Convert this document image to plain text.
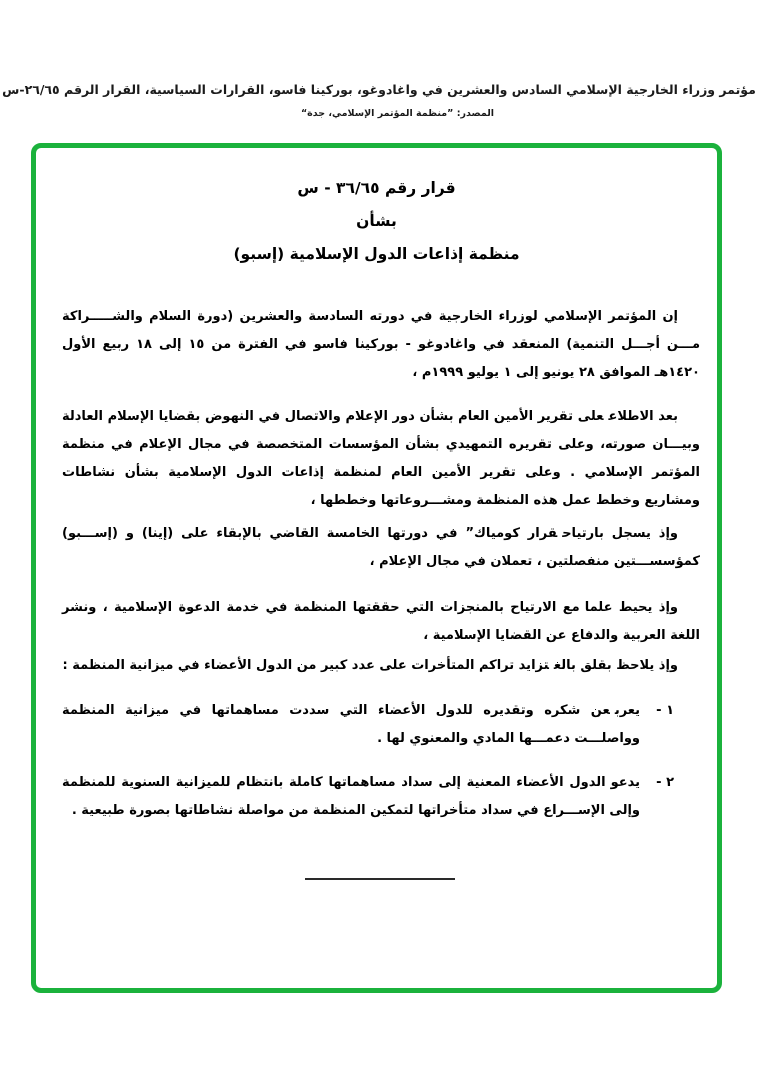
مؤتمر وزراء الخارجية الإسلامي السادس والعشرين في واغادوغو، بوركينا فاسو، القرارات السياسية، القرار الرقم ٢٦/٦٥-س
المصدر: ”منظمة المؤتمر الإسلامي، جدة“
قرار رقم ٣٦/٦٥ - س
بشأن
منظمة إذاعات الدول الإسلامية (إسبو)
إن المؤتمر الإسلامي لوزراء الخارجية في دورته السادسة والعشرين (دورة السلام والشـــــراكة مـــن أجـــل التنمية) المنعقد في واغادوغو - بوركينا فاسو في الفترة من ١٥ إلى ١٨ ربيع الأول ١٤٢٠هـ الموافق ٢٨ يونيو إلى ١ يوليو ١٩٩٩م ،
بعد الاطلاععلى تقرير الأمين العام بشأن دور الإعلام والاتصال في النهوض بقضايا الإسلام العادلة وبيـــان صورته، وعلى تقريره التمهيدي بشأن المؤسسات المتخصصة في مجال الإعلام في منظمة المؤتمر الإسلامي . وعلى تقرير الأمين العام لمنظمة إذاعات الدول الإسلامية بشأن نشاطات ومشاريع وخطط عمل هذه المنظمة ومشـــروعاتها وخططها ،
وإذ يسجل بارتياحقرار كومياك” في دورتها الخامسة القاضي بالإبقاء على (إينا) و (إســـبو) كمؤسســـتين منفصلتين ، تعملان في مجال الإعلام ،
وإذ يحيط علمامع الارتياح بالمنجزات التي حققتها المنظمة في خدمة الدعوة الإسلامية ، ونشر اللغة العربية والدفاع عن القضايا الإسلامية ،
وإذ يلاحظ بقلق بالغتزايد تراكم المتأخرات على عدد كبير من الدول الأعضاء في ميزانية المنظمة :
١ -
يعربعن شكره وتقديره للدول الأعضاء التي سددت مساهماتها في ميزانية المنظمة وواصلـــت دعمـــها المادي والمعنوي لها .
٢ -
يدعوالدول الأعضاء المعنية إلى سداد مساهماتها كاملة بانتظام للميزانية السنوية للمنظمة وإلى الإســـراع في سداد متأخراتها لتمكين المنظمة من مواصلة نشاطاتها بصورة طبيعية .
